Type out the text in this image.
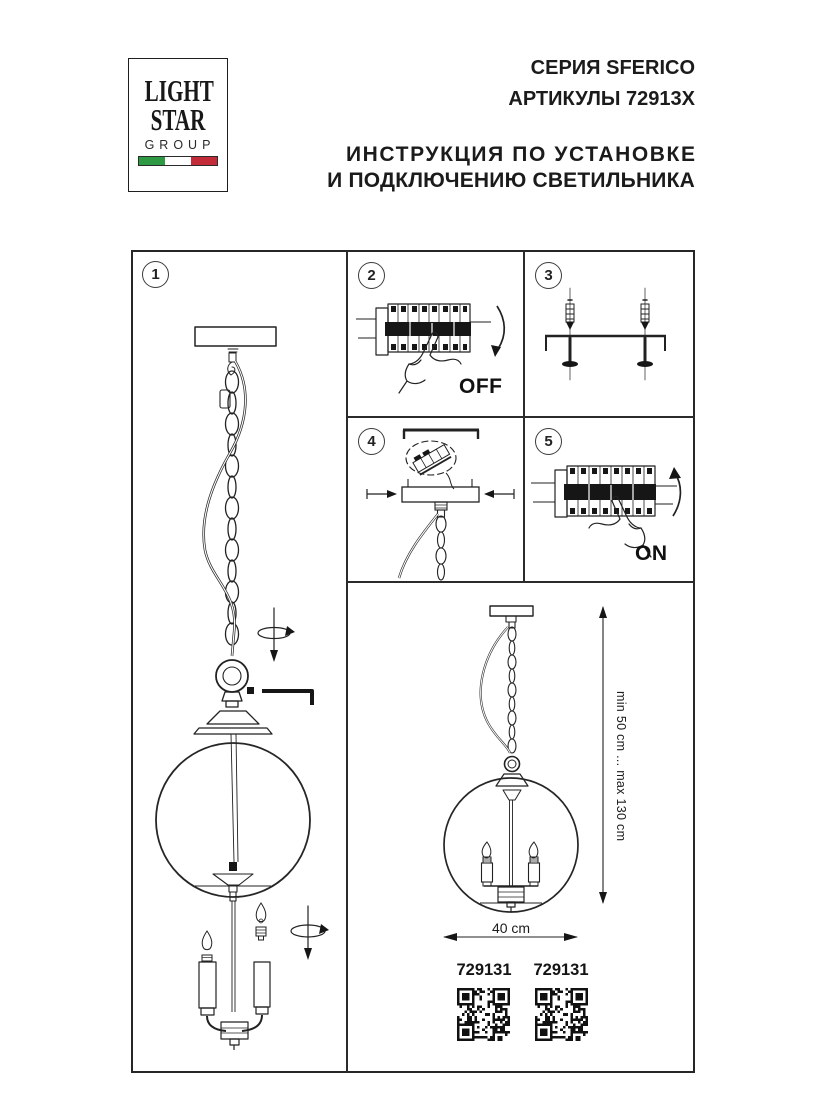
LIGHT
STAR
GROUP
СЕРИЯ SFERICO
АРТИКУЛЫ 72913X
ИНСТРУКЦИЯ ПО УСТАНОВКЕ
И ПОДКЛЮЧЕНИЮ СВЕТИЛЬНИКА
1	2	3
4	5
OFF
ON
40 cm
min 50 cm ... max 130 cm
729131 729131
